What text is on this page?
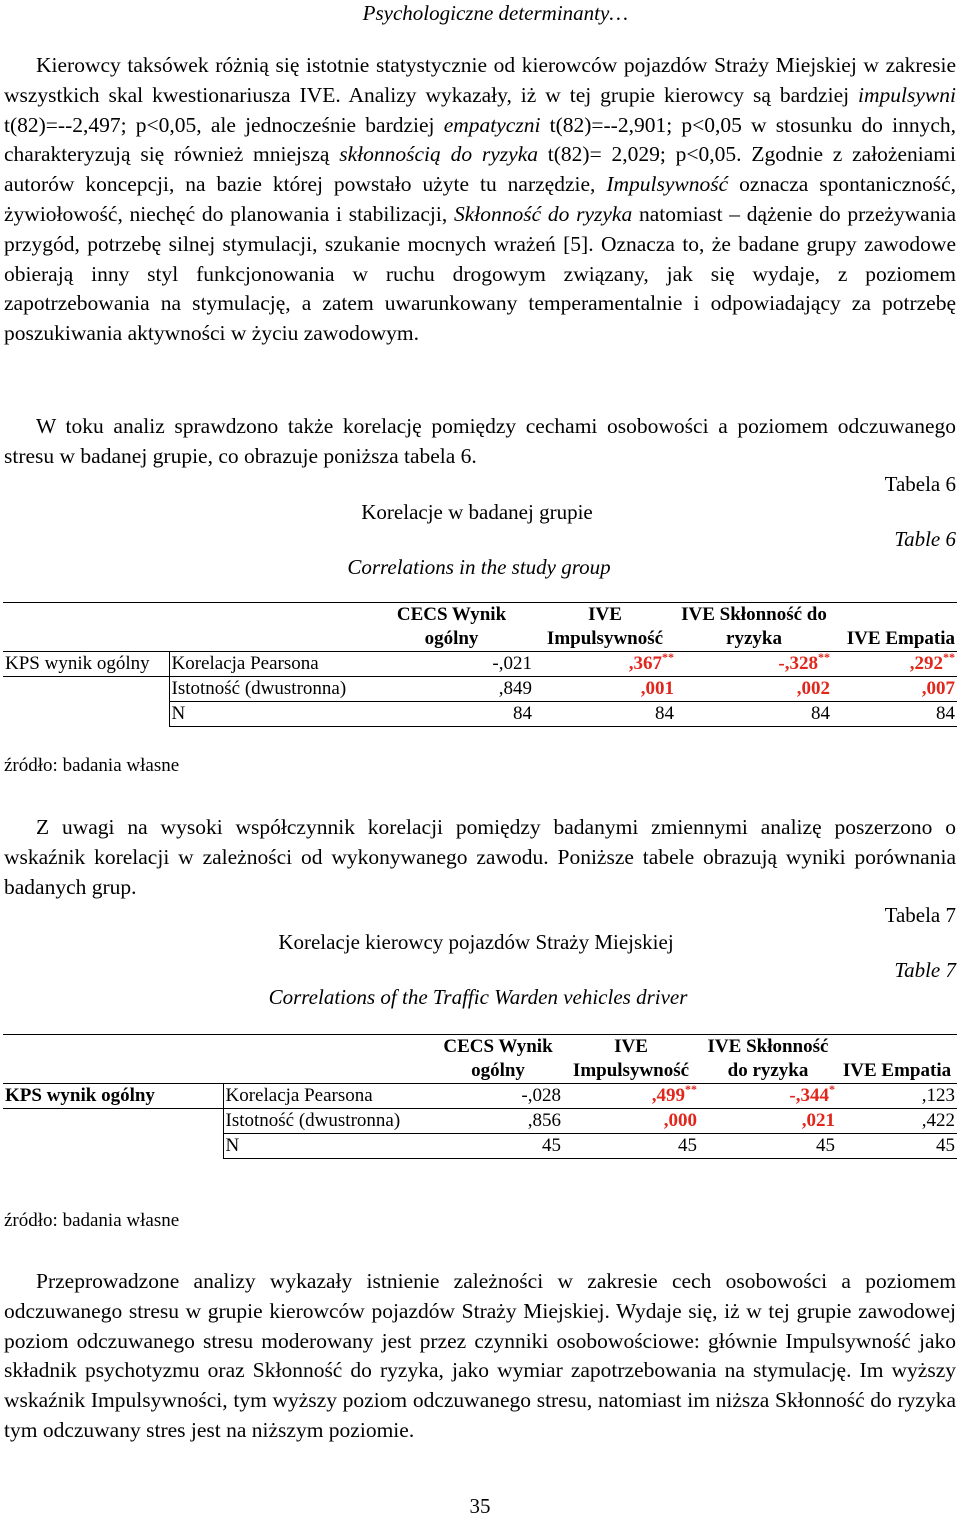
Psychologiczne determinanty…

Kierowcy taksówek różnią się istotnie statystycznie od kierowców pojazdów Straży Miejskiej w zakresie wszystkich skal kwestionariusza IVE. Analizy wykazały, iż w tej grupie kierowcy są bardziej impulsywni t(82)=--2,497; p<0,05, ale jednocześnie bardziej empatyczni t(82)=--2,901; p<0,05 w stosunku do innych, charakteryzują się również mniejszą skłonnością do ryzyka t(82)= 2,029; p<0,05. Zgodnie z założeniami autorów koncepcji, na bazie której powstało użyte tu narzędzie, Impulsywność oznacza spontaniczność, żywiołowość, niechęć do planowania i stabilizacji, Skłonność do ryzyka natomiast – dążenie do przeżywania przygód, potrzebę silnej stymulacji, szukanie mocnych wrażeń [5]. Oznacza to, że badane grupy zawodowe obierają inny styl funkcjonowania w ruchu drogowym związany, jak się wydaje, z poziomem zapotrzebowania na stymulację, a zatem uwarunkowany temperamentalnie i odpowiadający za potrzebę poszukiwania aktywności w życiu zawodowym.

W toku analiz sprawdzono także korelację pomiędzy cechami osobowości a poziomem odczuwanego stresu w badanej grupie, co obrazuje poniższa tabela 6.

Tabela 6
Korelacje w badanej grupie
Table 6
Correlations in the study group
		CECS Wynik ogólny	IVE Impulsywność	IVE Skłonność do ryzyka	IVE Empatia
KPS wynik ogólny	Korelacja Pearsona	-,021	,367**	-,328**	,292**
	Istotność (dwustronna)	,849	,001	,002	,007
	N	84	84	84	84
źródło: badania własne

Z uwagi na wysoki współczynnik korelacji pomiędzy badanymi zmiennymi analizę poszerzono o wskaźnik korelacji w zależności od wykonywanego zawodu. Poniższe tabele obrazują wyniki porównania badanych grup.

Tabela 7
Korelacje kierowcy pojazdów Straży Miejskiej
Table 7
Correlations of the Traffic Warden vehicles driver
		CECS Wynik ogólny	IVE Impulsywność	IVE Skłonność do ryzyka	IVE Empatia
KPS wynik ogólny	Korelacja Pearsona	-,028	,499**	-,344*	,123
	Istotność (dwustronna)	,856	,000	,021	,422
	N	45	45	45	45
źródło: badania własne

Przeprowadzone analizy wykazały istnienie zależności w zakresie cech osobowości a poziomem odczuwanego stresu w grupie kierowców pojazdów Straży Miejskiej. Wydaje się, iż w tej grupie zawodowej poziom odczuwanego stresu moderowany jest przez czynniki osobowościowe: głównie Impulsywność jako składnik psychotyzmu oraz Skłonność do ryzyka, jako wymiar zapotrzebowania na stymulację. Im wyższy wskaźnik Impulsywności, tym wyższy poziom odczuwanego stresu, natomiast im niższa Skłonność do ryzyka tym odczuwany stres jest na niższym poziomie.

35
